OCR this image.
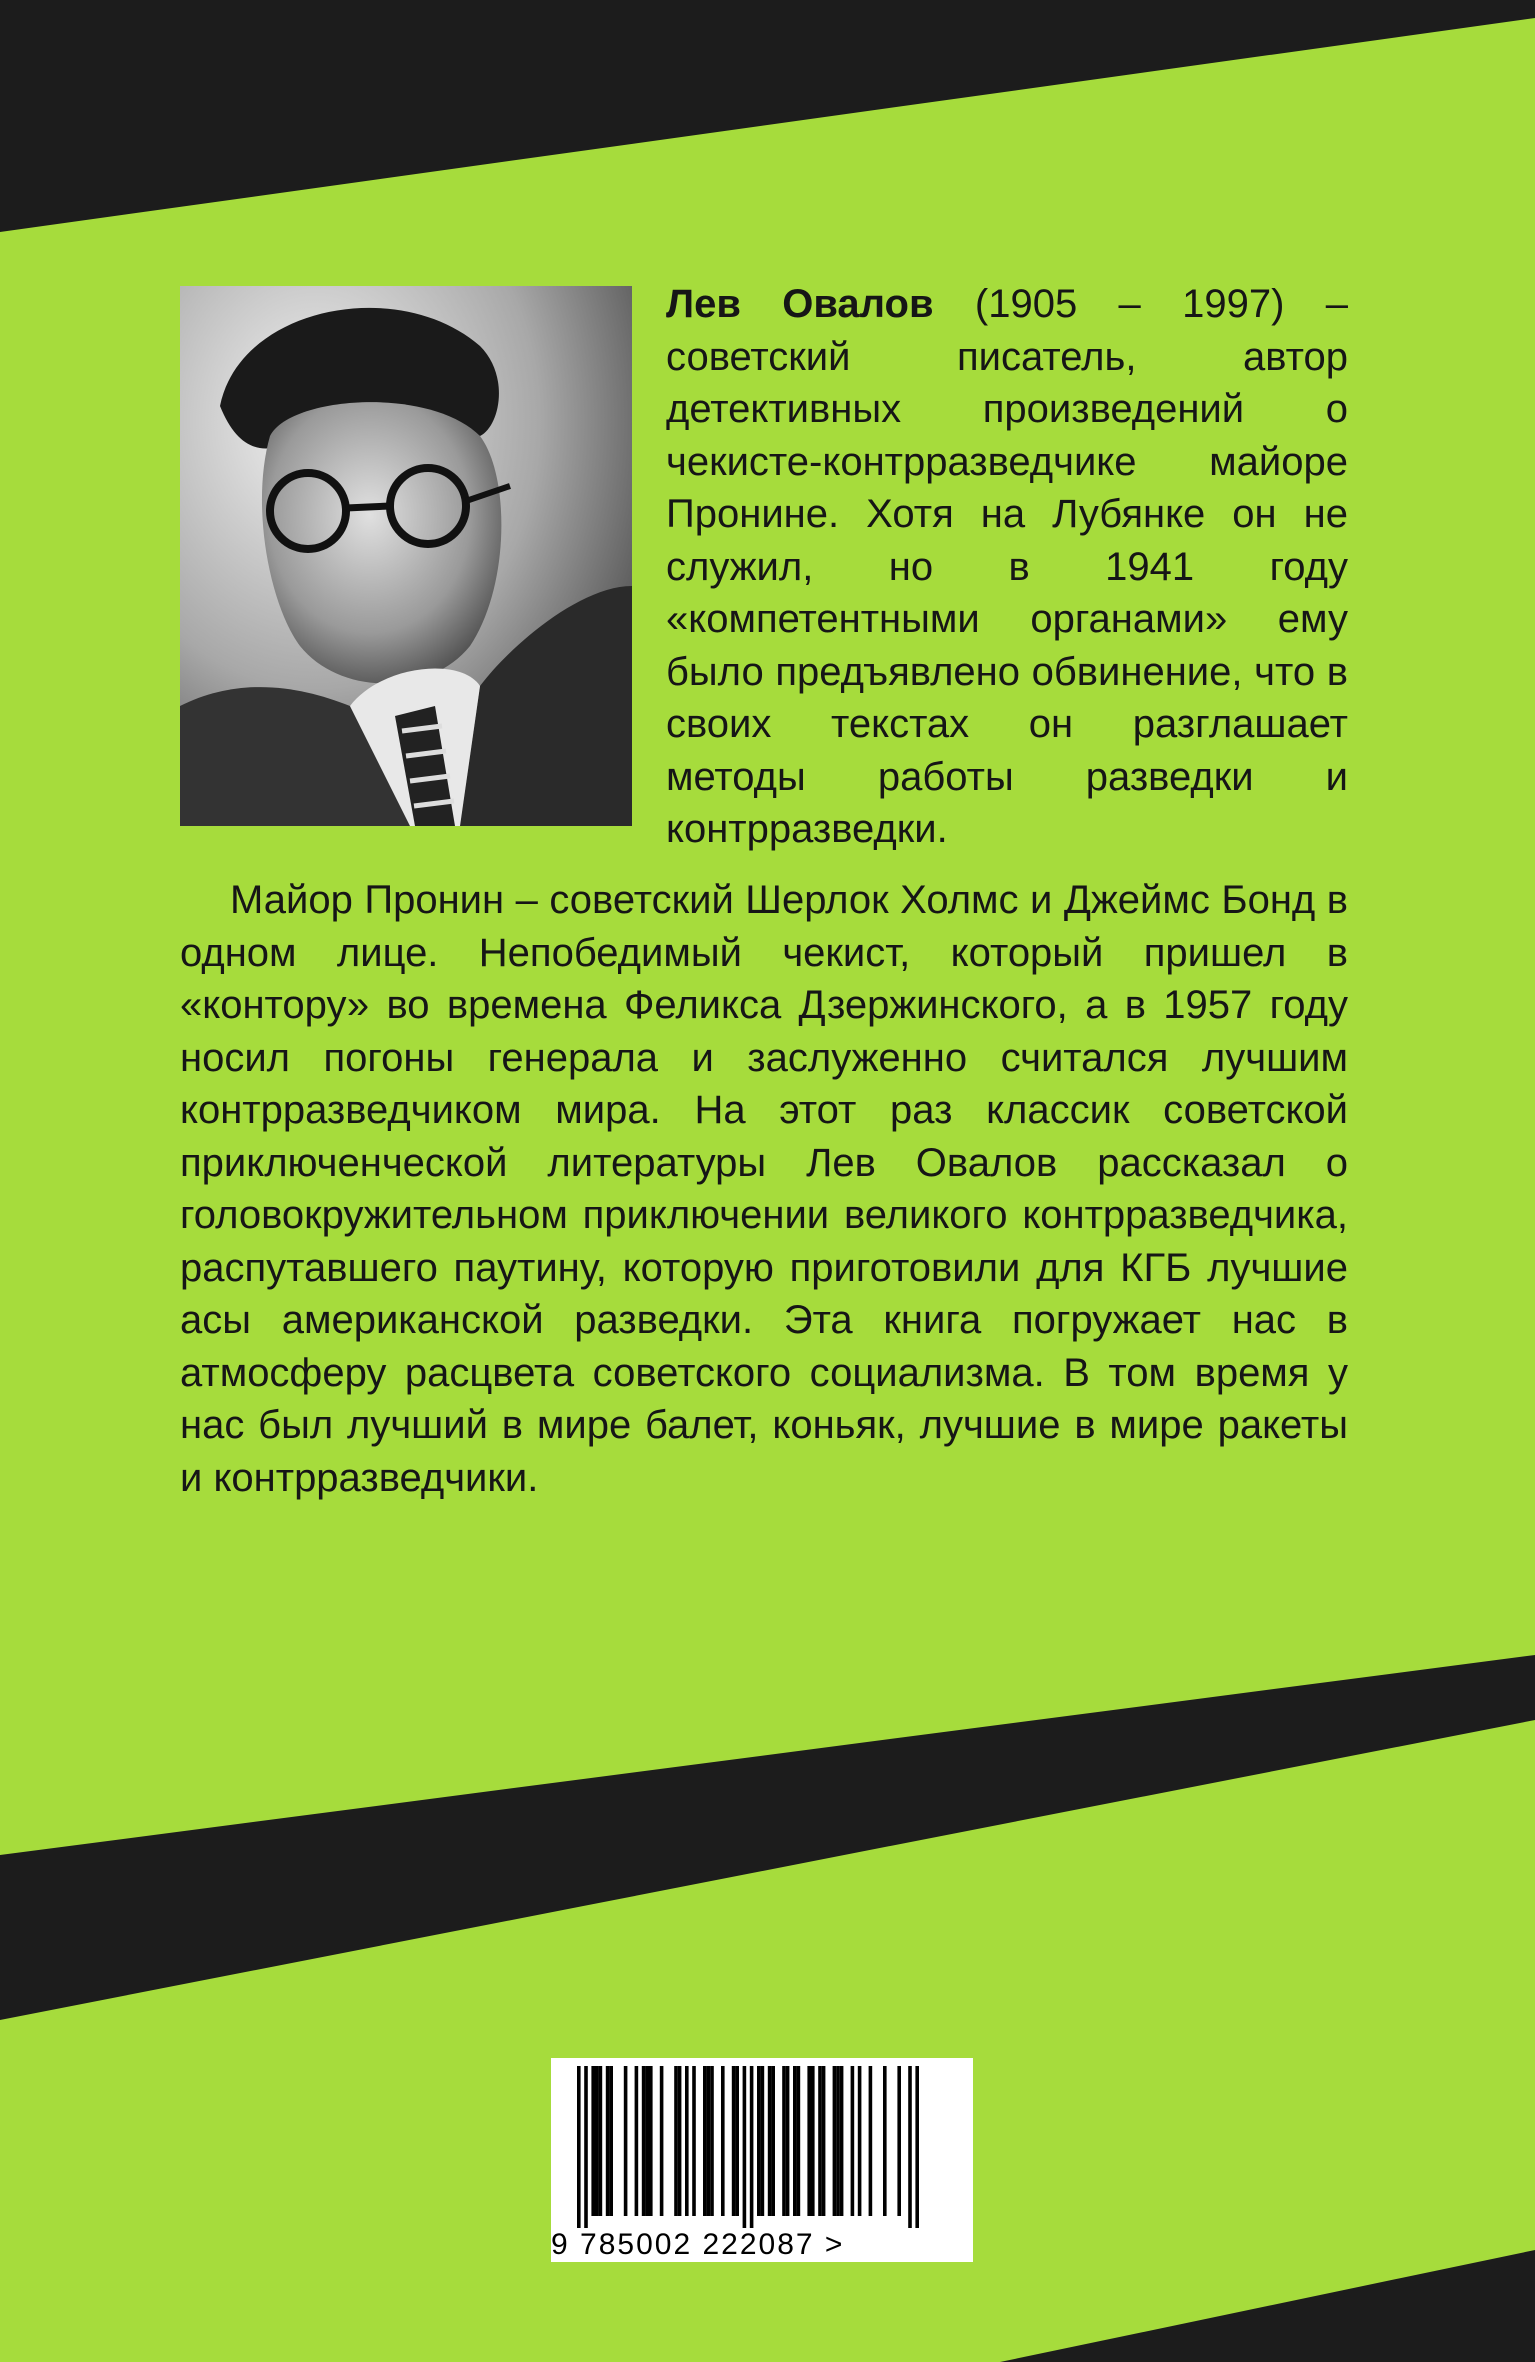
Лев Овалов (1905 – 1997) – советский писатель, автор детективных произведений о чекисте-контрразведчике майоре Пронине. Хотя на Лубянке он не служил, но в 1941 году «компетентными органами» ему было предъявлено обвинение, что в своих текстах он разглашает методы работы разведки и контрразведки.
Майор Пронин – советский Шерлок Холмс и Джеймс Бонд в одном лице. Непобедимый чекист, который пришел в «контору» во времена Феликса Дзержинского, а в 1957 году носил погоны генерала и заслуженно считался лучшим контрразведчиком мира. На этот раз классик советской приключенческой литературы Лев Овалов рассказал о головокружительном приключении великого контрразведчика, распутавшего паутину, которую приготовили для КГБ лучшие асы американской разведки. Эта книга погружает нас в атмосферу расцвета советского социализма. В том время у нас был лучший в мире балет, коньяк, лучшие в мире ракеты и контрразведчики.
9 785002 222087 >
